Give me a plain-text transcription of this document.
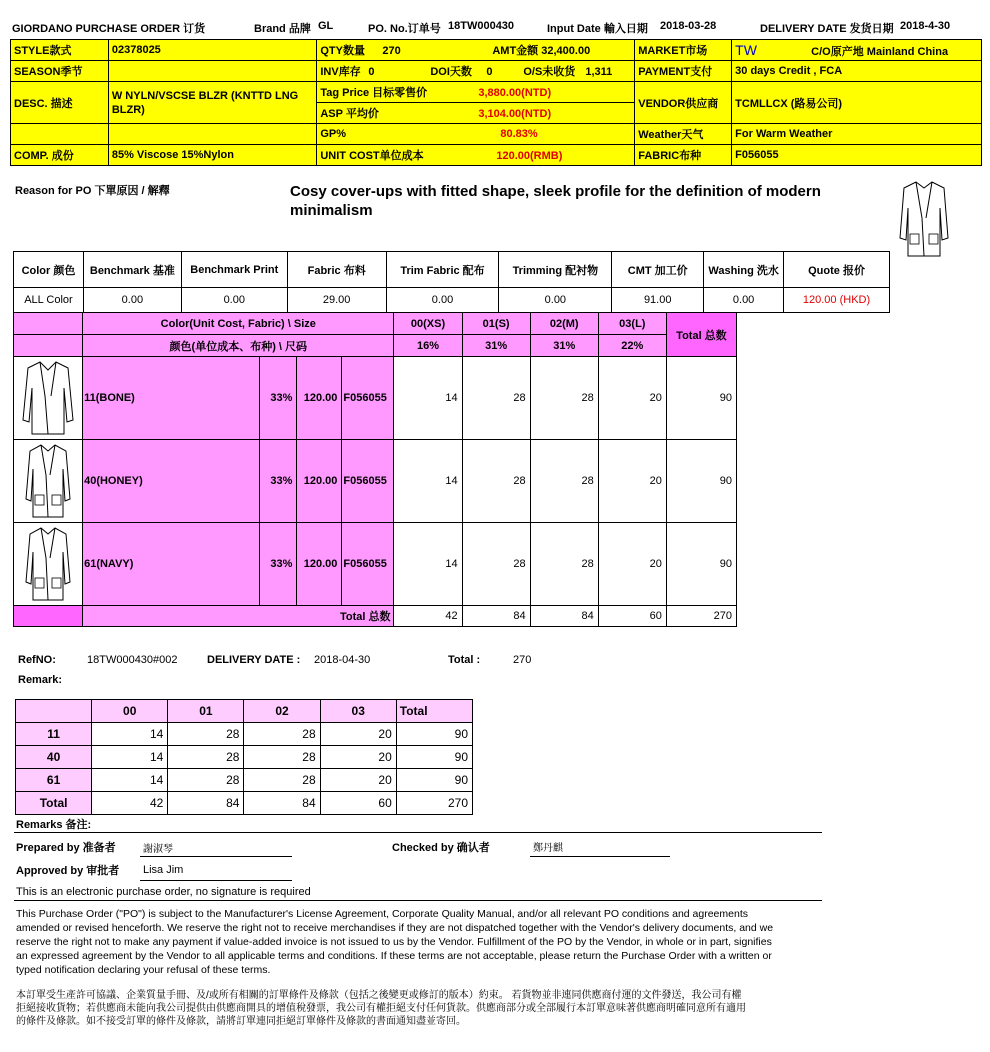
GIORDANO PURCHASE ORDER 订货	Brand 品牌 GL	PO. No.订单号 18TW000430	Input Date 輸入日期 2018-03-28	DELIVERY DATE 发货日期 2018-4-30
STYLE款式	02378025	QTY数量 270 AMT金额 32,400.00	MARKET市场	TW C/O原产地 Mainland China
SEASON季节		INV库存 0 DOI天数 0 O/S未收货 1,311	PAYMENT支付	30 days Credit , FCA
DESC. 描述	W NYLN/VSCSE BLZR (KNTTD LNG BLZR)	Tag Price 目标零售价 3,880.00(NTD)	VENDOR供应商	TCMLLCX (路易公司)
		ASP 平均价 3,104.00(NTD)		
		GP% 80.83%	Weather天气	For Warm Weather
COMP. 成份	85% Viscose 15%Nylon	UNIT COST单位成本 120.00(RMB)	FABRIC布种	F056055
Reason for PO 下單原因 / 解釋	Cosy cover-ups with fitted shape, sleek profile for the definition of modern minimalism
Color 颜色	Benchmark 基准	Benchmark Print	Fabric 布料	Trim Fabric 配布	Trimming 配衬物	CMT 加工价	Washing 洗水	Quote 报价
ALL Color	0.00	0.00	29.00	0.00	0.00	91.00	0.00	120.00 (HKD)
	Color(Unit Cost, Fabric) \ Size				00(XS)	01(S)	02(M)	03(L)	Total 总数
	颜色(单位成本、布种) \ 尺码				16%	31%	31%	22%	

	11(BONE)	33%	120.00	F056055	14	28	28	20	90

	40(HONEY)	33%	120.00	F056055	14	28	28	20	90

	61(NAVY)	33%	120.00	F056055	14	28	28	20	90
	Total 总数				42	84	84	60	270
RefNO:	18TW000430#002	DELIVERY DATE : 2018-04-30	Total :	270
Remark:
	00	01	02	03	Total
11	14	28	28	20	90
40	14	28	28	20	90
61	14	28	28	20	90
Total	42	84	84	60	270
Remarks 备注:
Prepared by 准备者	謝淑琴	Checked by 确认者	鄭丹麒
Approved by 审批者 Lisa Jim
This is an electronic purchase order, no signature is required
This Purchase Order ("PO") is subject to the Manufacturer's License Agreement, Corporate Quality Manual, and/or all relevant PO conditions and agreements
amended or revised henceforth. We reserve the right not to receive merchandises if they are not dispatched together with the Vendor's delivery documents, and we
reserve the right not to make any payment if value-added invoice is not issued to us by the Vendor. Fulfillment of the PO by the Vendor, in whole or in part, signifies
an expressed agreement by the Vendor to all applicable terms and conditions. If these terms are not acceptable, please return the Purchase Order with a written or
typed notification declaring your refusal of these terms.
本訂單受生產許可協議、企業質量手冊、及/或所有相關的訂單條件及條款（包括之後變更或修訂的版本）約束。 若貨物並非連同供應商付運的文件發送，我公司有權
拒絕接收貨物；若供應商未能向我公司提供由供應商開具的增值稅發票，我公司有權拒絕支付任何貨款。供應商部分或全部履行本訂單意味著供應商明確同意所有適用
的條件及條款。如不接受訂單的條件及條款，請將訂單連同拒絕訂單條件及條款的書面通知盡並寄回。
